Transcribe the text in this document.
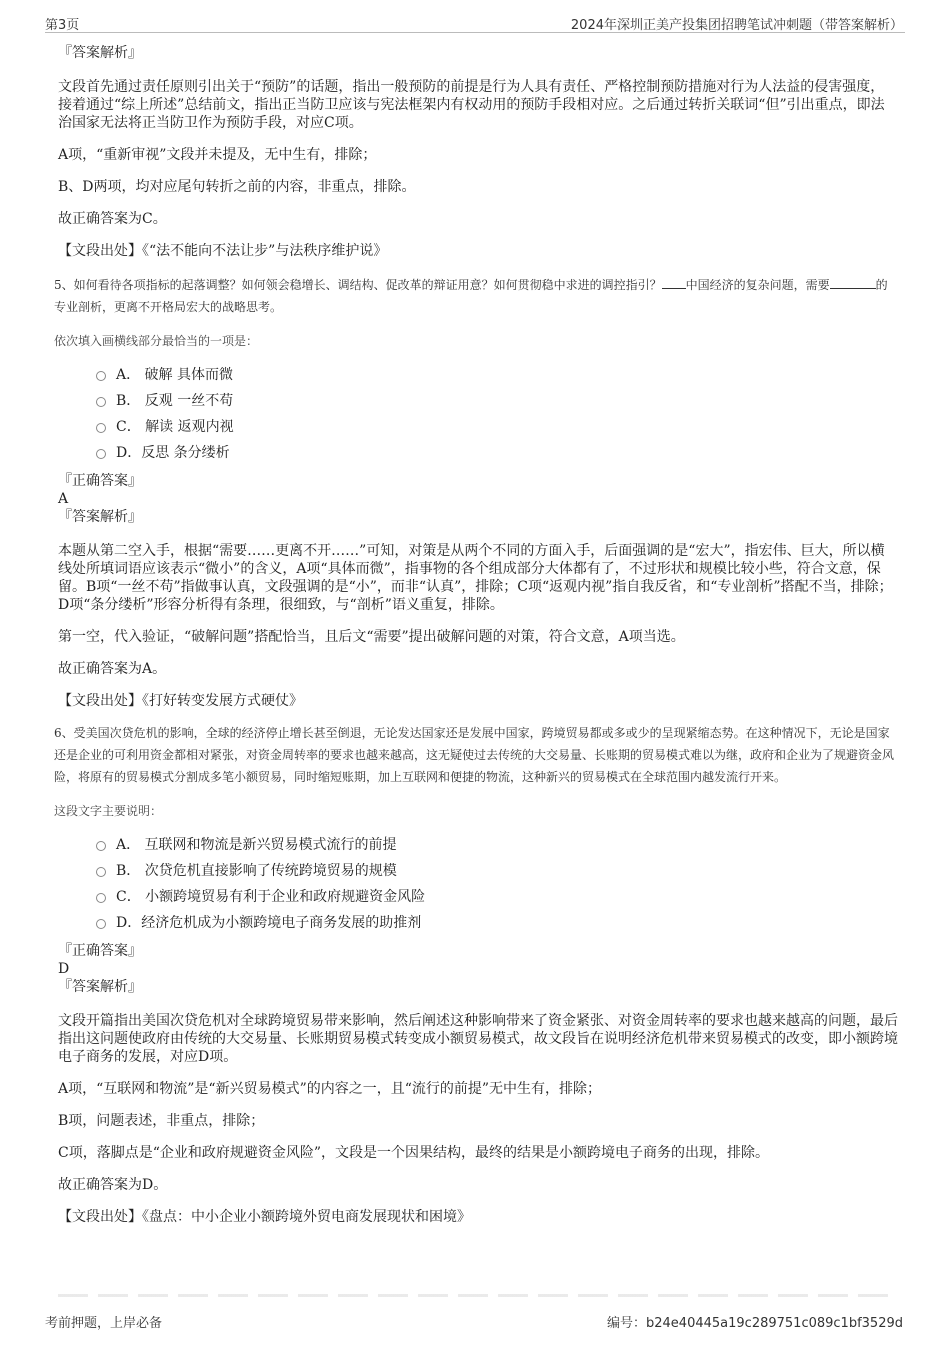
第3页	2024年深圳正美产投集团招聘笔试冲刺题（带答案解析）

『答案解析』

文段首先通过责任原则引出关于“预防”的话题，指出一般预防的前提是行为人具有责任、严格控制预防措施对行为人法益的侵害强度，接着通过“综上所述”总结前文，指出正当防卫应该与宪法框架内有权动用的预防手段相对应。之后通过转折关联词“但”引出重点，即法治国家无法将正当防卫作为预防手段，对应C项。

A项，“重新审视”文段并未提及，无中生有，排除；

B、D两项，均对应尾句转折之前的内容，非重点，排除。

故正确答案为C。

【文段出处】《“法不能向不法让步”与法秩序维护说》

5、如何看待各项指标的起落调整？如何领会稳增长、调结构、促改革的辩证用意？如何贯彻稳中求进的调控指引？ 中国经济的复杂问题，需要	的专业剖析，更离不开格局宏大的战略思考。

依次填入画横线部分最恰当的一项是：

A． 破解 具体而微
B． 反观 一丝不苟
C． 解读 返观内视
D．反思 条分缕析

『正确答案』

A

『答案解析』

本题从第二空入手，根据“需要……更离不开……”可知，对策是从两个不同的方面入手，后面强调的是“宏大”，指宏伟、巨大，所以横线处所填词语应该表示“微小”的含义，A项“具体而微”，指事物的各个组成部分大体都有了，不过形状和规模比较小些，符合文意，保留。B项“一丝不苟”指做事认真，文段强调的是“小”，而非“认真”，排除；C项“返观内视”指自我反省，和“专业剖析”搭配不当，排除；D项“条分缕析”形容分析得有条理，很细致，与“剖析”语义重复，排除。

第一空，代入验证，“破解问题”搭配恰当，且后文“需要”提出破解问题的对策，符合文意，A项当选。

故正确答案为A。

【文段出处】《打好转变发展方式硬仗》

6、受美国次贷危机的影响，全球的经济停止增长甚至倒退，无论发达国家还是发展中国家，跨境贸易都或多或少的呈现紧缩态势。在这种情况下，无论是国家还是企业的可利用资金都相对紧张，对资金周转率的要求也越来越高，这无疑使过去传统的大交易量、长账期的贸易模式难以为继，政府和企业为了规避资金风险，将原有的贸易模式分割成多笔小额贸易，同时缩短账期，加上互联网和便捷的物流，这种新兴的贸易模式在全球范围内越发流行开来。

这段文字主要说明：

A． 互联网和物流是新兴贸易模式流行的前提
B． 次贷危机直接影响了传统跨境贸易的规模
C． 小额跨境贸易有利于企业和政府规避资金风险
D．经济危机成为小额跨境电子商务发展的助推剂

『正确答案』

D

『答案解析』

文段开篇指出美国次贷危机对全球跨境贸易带来影响，然后阐述这种影响带来了资金紧张、对资金周转率的要求也越来越高的问题，最后指出这问题使政府由传统的大交易量、长账期贸易模式转变成小额贸易模式，故文段旨在说明经济危机带来贸易模式的改变，即小额跨境电子商务的发展，对应D项。

A项，“互联网和物流”是“新兴贸易模式”的内容之一，且“流行的前提”无中生有，排除；

B项，问题表述，非重点，排除；

C项，落脚点是“企业和政府规避资金风险”，文段是一个因果结构，最终的结果是小额跨境电子商务的出现，排除。

故正确答案为D。

【文段出处】《盘点：中小企业小额跨境外贸电商发展现状和困境》

考前押题，上岸必备	编号：b24e40445a19c289751c089c1bf3529d
